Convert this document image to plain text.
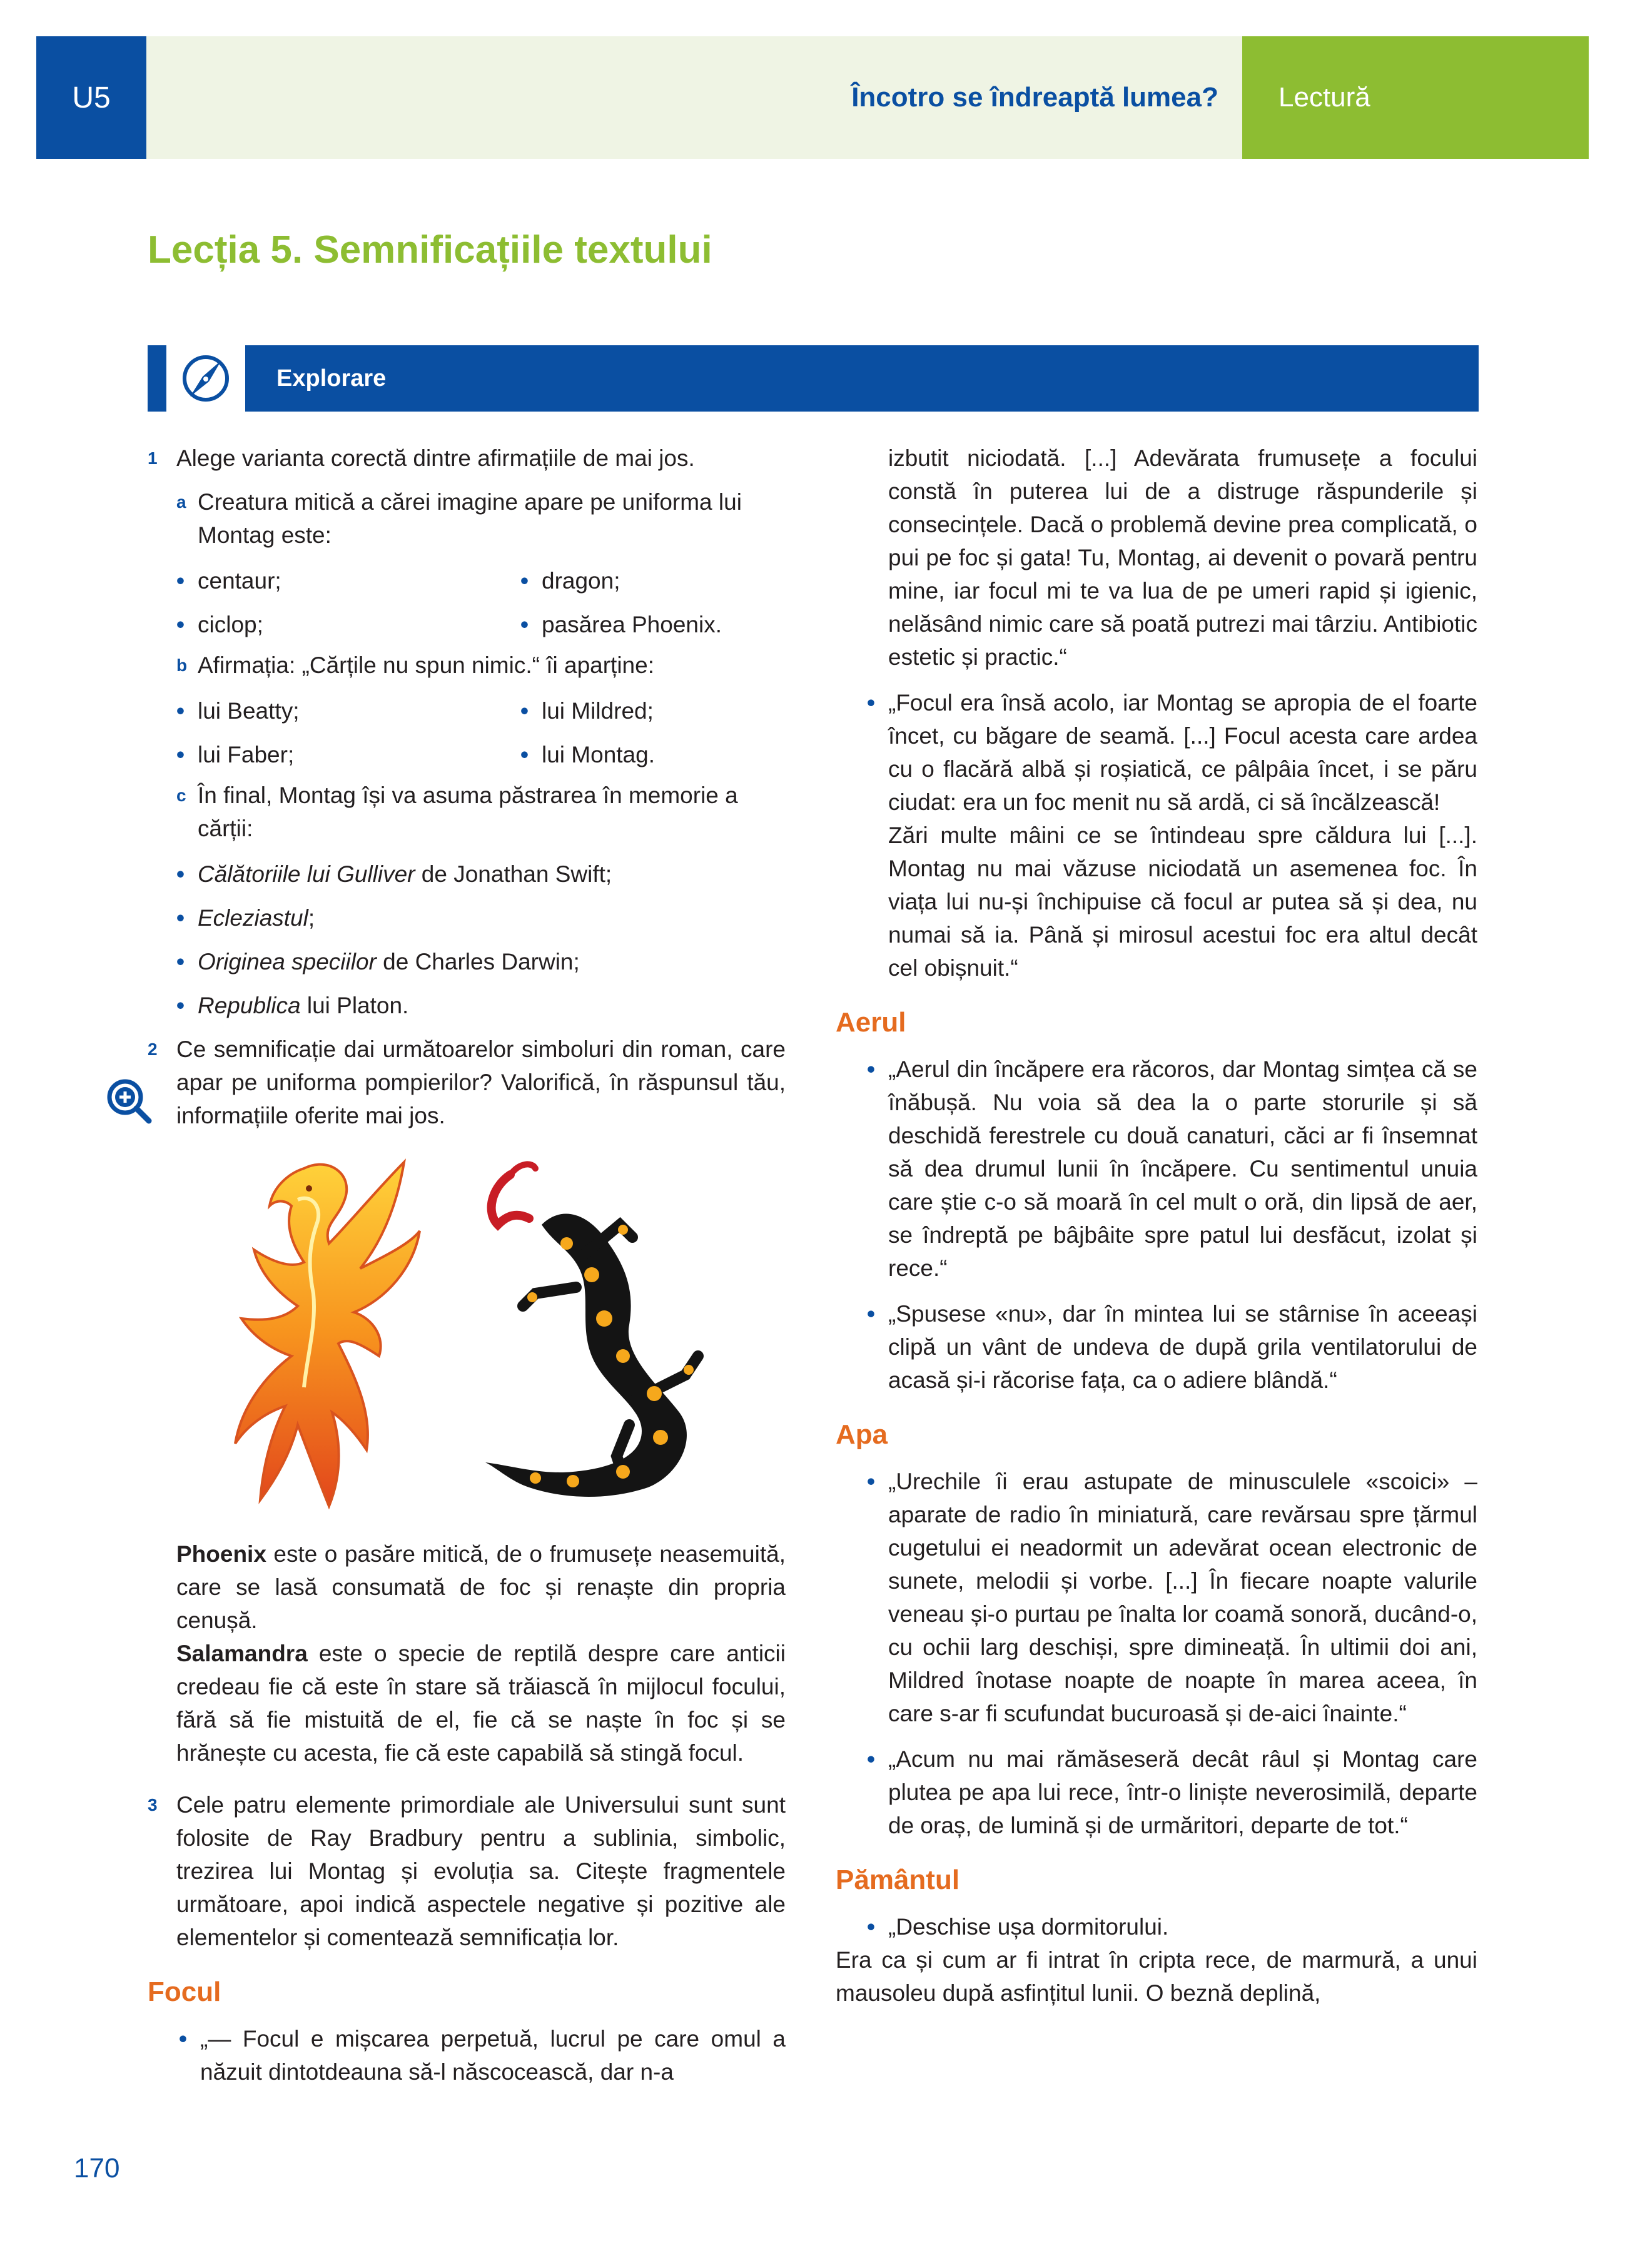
U5	Încotro se îndreaptă lumea?	Lectură
Lecția 5. Semnificațiile textului
Explorare
1 Alege varianta corectă dintre afirmațiile de mai jos.

a Creatura mitică a cărei imagine apare pe uniforma lui Montag este:

• centaur;	• dragon;
• ciclop;	• pasărea Phoenix.
b Afirmația: „Cărțile nu spun nimic.“ îi aparține:

• lui Beatty;	• lui Mildred;
• lui Faber;	• lui Montag.
c În final, Montag își va asuma păstrarea în memorie a cărții:

• Călătoriile lui Gulliver de Jonathan Swift;
• Ecleziastul;
• Originea speciilor de Charles Darwin;
• Republica lui Platon.
2 Ce semnificație dai următoarelor simboluri din roman, care apar pe uniforma pompierilor? Valorifică, în răspunsul tău, informațiile oferite mai jos.

Phoenix este o pasăre mitică, de o frumusețe neasemuită, care se lasă consumată de foc și renaște din propria cenușă.
Salamandra este o specie de reptilă despre care anticii credeau fie că este în stare să trăiască în mijlocul focului, fără să fie mistuită de el, fie că se naște în foc și se hrănește cu acesta, fie că este capabilă să stingă focul.
3 Cele patru elemente primordiale ale Universului sunt sunt folosite de Ray Bradbury pentru a sublinia, simbolic, trezirea lui Montag și evoluția sa. Citește fragmentele următoare, apoi indică aspectele negative și pozitive ale elementelor și comentează semnificația lor.

Focul
• „— Focul e mișcarea perpetuă, lucrul pe care omul a năzuit dintotdeauna să-l născocească, dar n-a
izbutit niciodată. [...] Adevărata frumusețe a focului constă în puterea lui de a distruge răspunderile și consecințele. Dacă o problemă devine prea complicată, o pui pe foc și gata! Tu, Montag, ai devenit o povară pentru mine, iar focul mi te va lua de pe umeri rapid și igienic, nelăsând nimic care să poată putrezi mai târziu. Antibiotic estetic și practic.“

• „Focul era însă acolo, iar Montag se apropia de el foarte încet, cu băgare de seamă. [...] Focul acesta care ardea cu o flacără albă și roșiatică, ce pâlpâia încet, i se păru ciudat: era un foc menit nu să ardă, ci să încălzească!

Zări multe mâini ce se întindeau spre căldura lui [...]. Montag nu mai văzuse niciodată un asemenea foc. În viața lui nu-și închipuise că focul ar putea să și dea, nu numai să ia. Până și mirosul acestui foc era altul decât cel obișnuit.“

Aerul
• „Aerul din încăpere era răcoros, dar Montag simțea că se înăbușă. Nu voia să dea la o parte storurile și să deschidă ferestrele cu două canaturi, căci ar fi însemnat să dea drumul lunii în încăpere. Cu sentimentul unuia care știe c-o să moară în cel mult o oră, din lipsă de aer, se îndreptă pe bâjbâite spre patul lui desfăcut, izolat și rece.“
• „Spusese «nu», dar în mintea lui se stârnise în aceeași clipă un vânt de undeva de după grila ventilatorului de acasă și-i răcorise fața, ca o adiere blândă.“
Apa
• „Urechile îi erau astupate de minusculele «scoici» – aparate de radio în miniatură, care revărsau spre țărmul cugetului ei neadormit un adevărat ocean electronic de sunete, melodii și vorbe. [...] În fiecare noapte valurile veneau și-o purtau pe înalta lor coamă sonoră, ducând-o, cu ochii larg deschiși, spre dimineață. În ultimii doi ani, Mildred înotase noapte de noapte în marea aceea, în care s-ar fi scufundat bucuroasă și de-aici înainte.“
• „Acum nu mai rămăseseră decât râul și Montag care plutea pe apa lui rece, într-o liniște neverosimilă, departe de oraș, de lumină și de urmăritori, departe de tot.“
Pământul
• „Deschise ușa dormitorului.
Era ca și cum ar fi intrat în cripta rece, de marmură, a unui mausoleu după asfințitul lunii. O beznă deplină,
170
